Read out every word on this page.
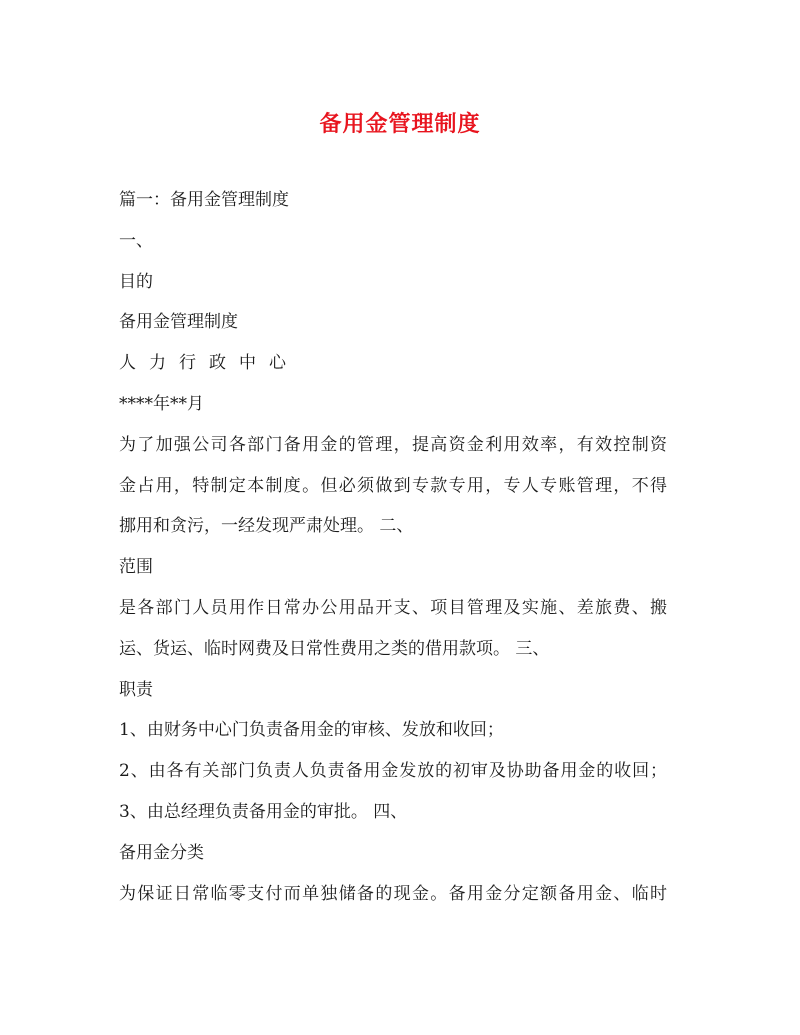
备用金管理制度
篇一：备用金管理制度
一、
目的
备用金管理制度
人力行政中心
****年**月
为了加强公司各部门备用金的管理，提高资金利用效率，有效控制资
金占用，特制定本制度。但必须做到专款专用，专人专账管理，不得
挪用和贪污，一经发现严肃处理。 二、
范围
是各部门人员用作日常办公用品开支、项目管理及实施、差旅费、搬
运、货运、临时网费及日常性费用之类的借用款项。 三、
职责
1、由财务中心门负责备用金的审核、发放和收回；
2、由各有关部门负责人负责备用金发放的初审及协助备用金的收回；
3、由总经理负责备用金的审批。 四、
备用金分类
为保证日常临零支付而单独储备的现金。备用金分定额备用金、临时
